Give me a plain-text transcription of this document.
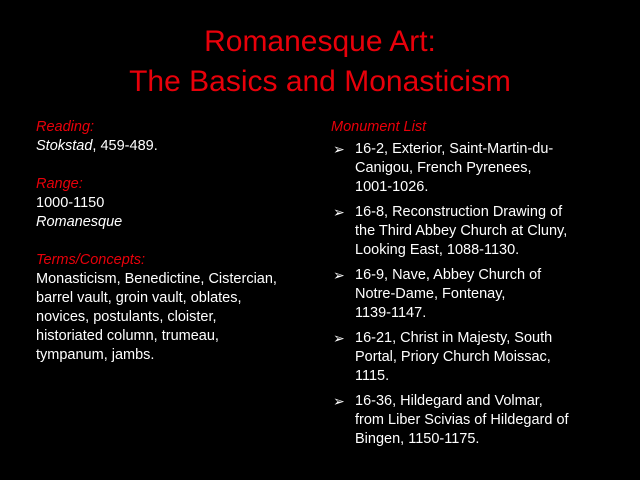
Romanesque Art:
The Basics and Monasticism
Reading:
Stokstad, 459-489.
Range:
1000-1150
Romanesque
Terms/Concepts:
Monasticism, Benedictine, Cistercian,
barrel vault, groin vault, oblates,
novices, postulants, cloister,
historiated column, trumeau,
tympanum, jambs.
Monument List
➢ 16-2, Exterior, Saint-Martin-du-
Canigou, French Pyrenees,
1001-1026.
➢ 16-8, Reconstruction Drawing of
the Third Abbey Church at Cluny,
Looking East, 1088-1130.
➢ 16-9, Nave, Abbey Church of
Notre-Dame, Fontenay,
1139-1147.
➢ 16-21, Christ in Majesty, South
Portal, Priory Church Moissac,
1115.
➢ 16-36, Hildegard and Volmar,
from Liber Scivias of Hildegard of
Bingen, 1150-1175.
